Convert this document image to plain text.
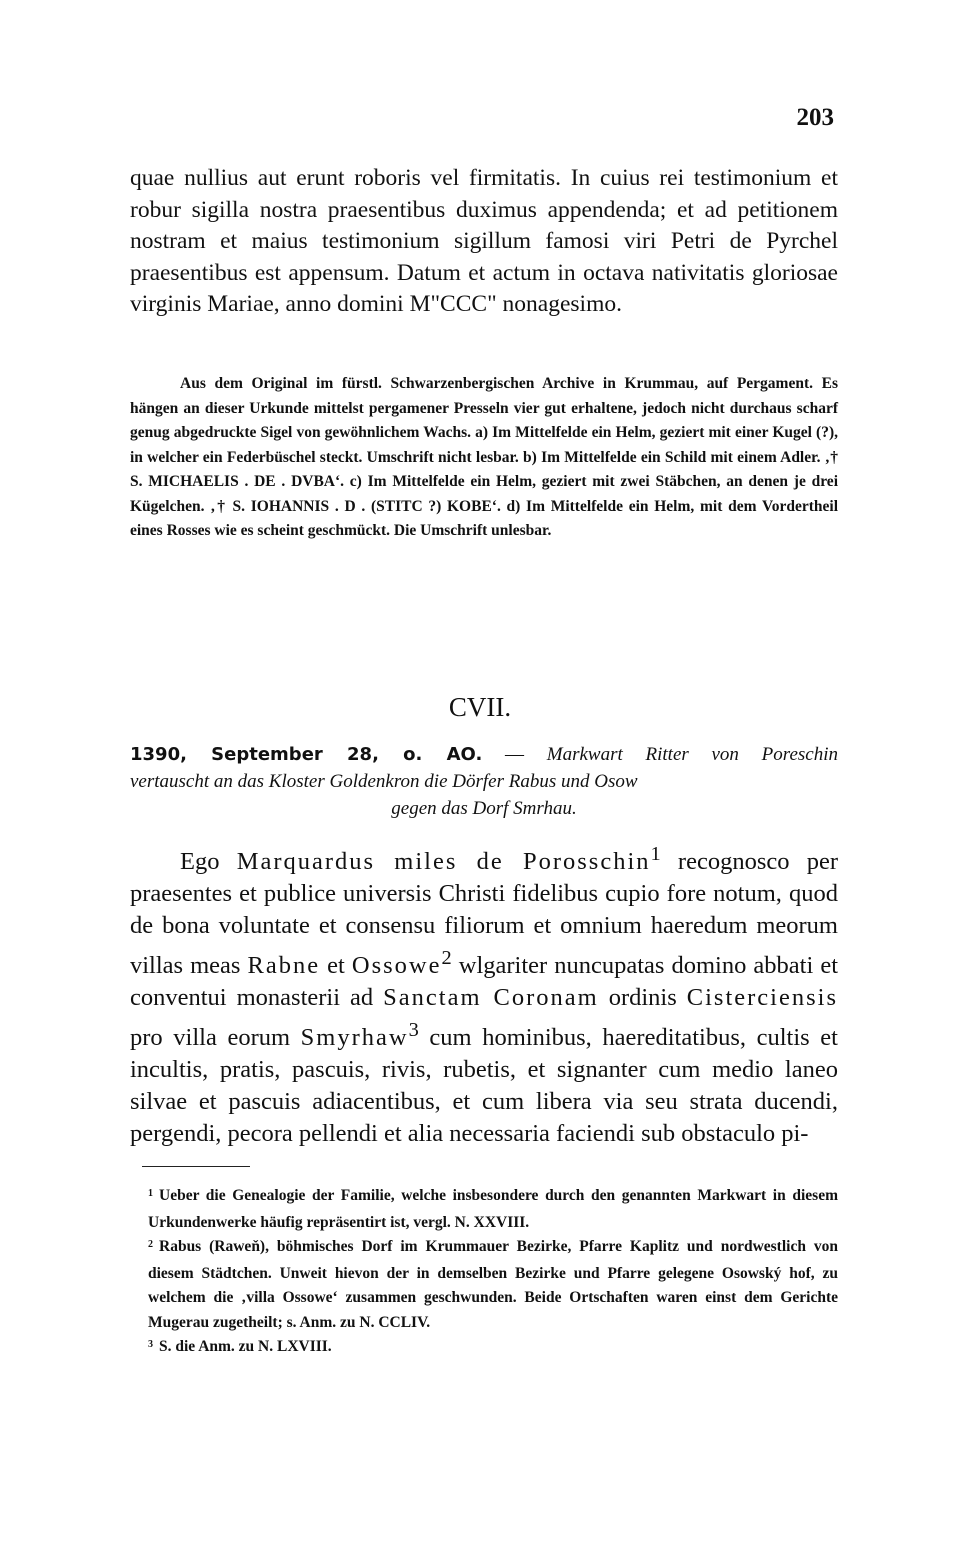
203
quae nullius aut erunt roboris vel firmitatis. In cuius rei testimonium et robur sigilla nostra praesentibus duximus appendenda; et ad petitionem nostram et maius testimonium sigillum famosi viri Petri de Pyrchel praesentibus est appensum. Datum et actum in octava nativitatis gloriosae virginis Mariae, anno domini M"CCC" nonagesimo.
Aus dem Original im fürstl. Schwarzenbergischen Archive in Krummau, auf Pergament. Es hängen an dieser Urkunde mittelst pergamener Presseln vier gut erhaltene, jedoch nicht durchaus scharf genug abgedruckte Sigel von gewöhnlichem Wachs. a) Im Mittelfelde ein Helm, geziert mit einer Kugel (?), in welcher ein Federbüschel steckt. Umschrift nicht lesbar. b) Im Mittelfelde ein Schild mit einem Adler. ‚† S. MICHAELIS . DE . DVBA‘. c) Im Mittelfelde ein Helm, geziert mit zwei Stäbchen, an denen je drei Kügelchen. ‚† S. IOHANNIS . D . (STITC ?) KOBE‘. d) Im Mittelfelde ein Helm, mit dem Vordertheil eines Rosses wie es scheint geschmückt. Die Umschrift unlesbar.
CVII.
1390, September 28, o. AO. — Markwart Ritter von Poreschin
vertauscht an das Kloster Goldenkron die Dörfer Rabus und Osow
gegen das Dorf Smrhau.
Ego Marquardus miles de Porosschin$^1$ recognosco per praesentes et publice universis Christi fidelibus cupio fore notum, quod de bona voluntate et consensu filiorum et omnium haeredum meorum villas meas Rabne et Ossowe$^2$ wlgariter nuncupatas domino abbati et conventui monasterii ad Sanctam Coronam ordinis Cisterciensis pro villa eorum Smyrhaw$^3$ cum hominibus, haereditatibus, cultis et incultis, pratis, pascuis, rivis, rubetis, et signanter cum medio laneo silvae et pascuis adiacentibus, et cum libera via seu strata ducendi, pergendi, pecora pellendi et alia necessaria faciendi sub obstaculo pi-
$^1$ Ueber die Genealogie der Familie, welche insbesondere durch den genannten Markwart in diesem Urkundenwerke häufig repräsentirt ist, vergl. N. XXVIII.
$^2$ Rabus (Raweň), böhmisches Dorf im Krummauer Bezirke, Pfarre Kaplitz und nordwestlich von diesem Städtchen. Unweit hievon der in demselben Bezirke und Pfarre gelegene Osowský hof, zu welchem die ‚villa Ossowe‘ zusammen geschwunden. Beide Ortschaften waren einst dem Gerichte Mugerau zugetheilt; s. Anm. zu N. CCLIV.
$^3$ S. die Anm. zu N. LXVIII.
